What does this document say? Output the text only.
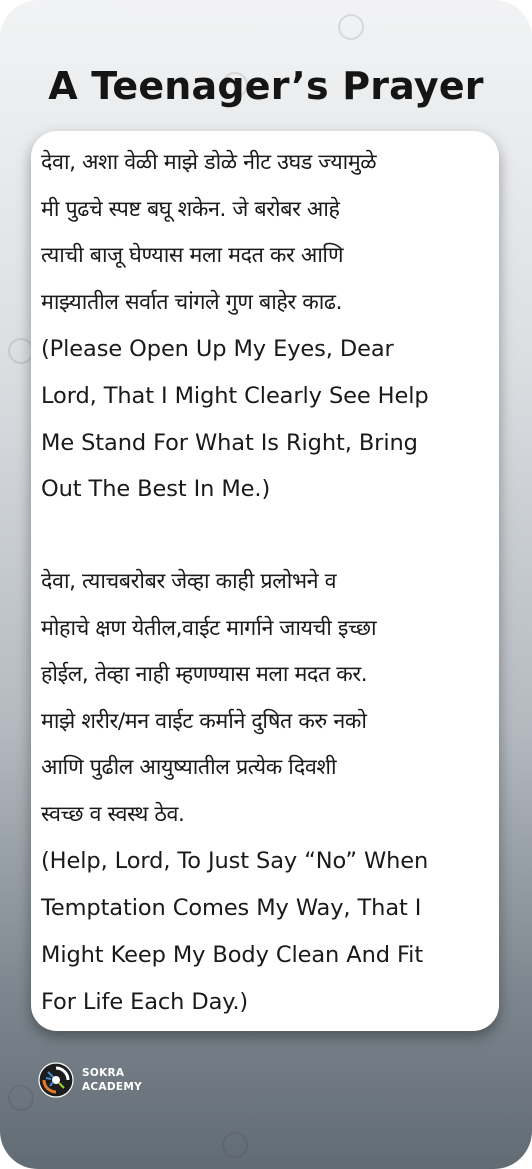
A Teenager’s Prayer
देवा, अशा वेळी माझे डोळे नीट उघड ज्यामुळे
मी पुढचे स्पष्ट बघू शकेन. जे बरोबर आहे
त्याची बाजू घेण्यास मला मदत कर आणि
माझ्यातील सर्वात चांगले गुण बाहेर काढ.
(Please Open Up My Eyes, Dear
Lord, That I Might Clearly See Help
Me Stand For What Is Right, Bring
Out The Best In Me.)
देवा, त्याचबरोबर जेव्हा काही प्रलोभने व
मोहाचे क्षण येतील,वाईट मार्गाने जायची इच्छा
होईल, तेव्हा नाही म्हणण्यास मला मदत कर.
माझे शरीर/मन वाईट कर्माने दुषित करु नको
आणि पुढील आयुष्यातील प्रत्येक दिवशी
स्वच्छ व स्वस्थ ठेव.
(Help, Lord, To Just Say “No” When
Temptation Comes My Way, That I
Might Keep My Body Clean And Fit
For Life Each Day.)
SOKRA
ACADEMY
